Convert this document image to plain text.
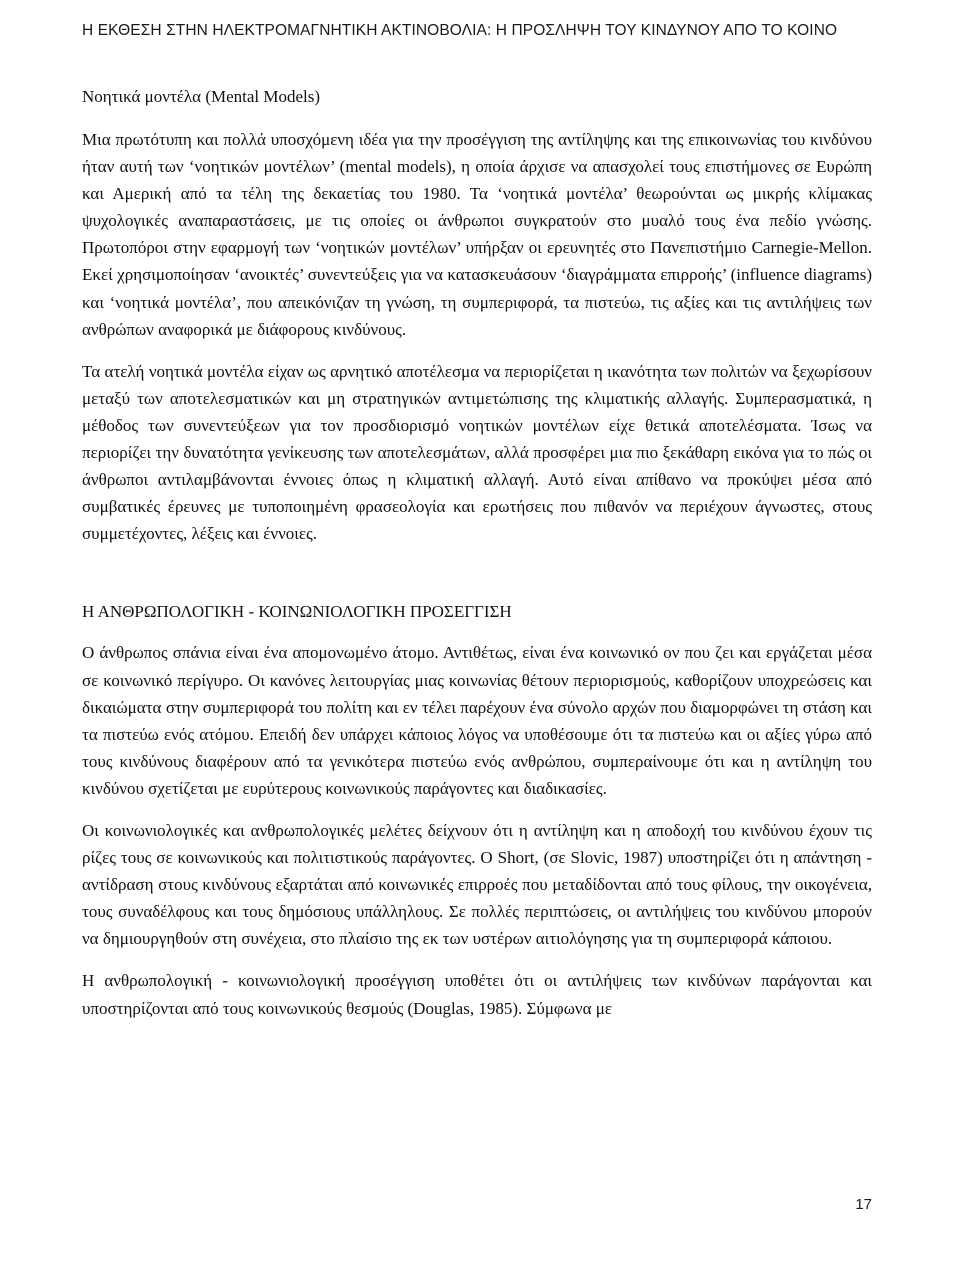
Η ΕΚΘΕΣΗ ΣΤΗΝ ΗΛΕΚΤΡΟΜΑΓΝΗΤΙΚΗ ΑΚΤΙΝΟΒΟΛΙΑ: Η ΠΡΟΣΛΗΨΗ ΤΟΥ ΚΙΝΔΥΝΟΥ ΑΠΟ ΤΟ ΚΟΙΝΟ
Νοητικά μοντέλα (Mental Models)

Μια πρωτότυπη και πολλά υποσχόμενη ιδέα για την προσέγγιση της αντίληψης και της επικοινωνίας του κινδύνου ήταν αυτή των ‘νοητικών μοντέλων’ (mental models), η οποία άρχισε να απασχολεί τους επιστήμονες σε Ευρώπη και Αμερική από τα τέλη της δεκαετίας του 1980. Τα ‘νοητικά μοντέλα’ θεωρούνται ως μικρής κλίμακας ψυχολογικές αναπαραστάσεις, με τις οποίες οι άνθρωποι συγκρατούν στο μυαλό τους ένα πεδίο γνώσης. Πρωτοπόροι στην εφαρμογή των ‘νοητικών μοντέλων’ υπήρξαν οι ερευνητές στο Πανεπιστήμιο Carnegie-Mellon. Εκεί χρησιμοποίησαν ‘ανοικτές’ συνεντεύξεις για να κατασκευάσουν ‘διαγράμματα επιρροής’ (influence diagrams) και ‘νοητικά μοντέλα’, που απεικόνιζαν τη γνώση, τη συμπεριφορά, τα πιστεύω, τις αξίες και τις αντιλήψεις των ανθρώπων αναφορικά με διάφορους κινδύνους.

Τα ατελή νοητικά μοντέλα είχαν ως αρνητικό αποτέλεσμα να περιορίζεται η ικανότητα των πολιτών να ξεχωρίσουν μεταξύ των αποτελεσματικών και μη στρατηγικών αντιμετώπισης της κλιματικής αλλαγής. Συμπερασματικά, η μέθοδος των συνεντεύξεων για τον προσδιορισμό νοητικών μοντέλων είχε θετικά αποτελέσματα. Ίσως να περιορίζει την δυνατότητα γενίκευσης των αποτελεσμάτων, αλλά προσφέρει μια πιο ξεκάθαρη εικόνα για το πώς οι άνθρωποι αντιλαμβάνονται έννοιες όπως η κλιματική αλλαγή. Αυτό είναι απίθανο να προκύψει μέσα από συμβατικές έρευνες με τυποποιημένη φρασεολογία και ερωτήσεις που πιθανόν να περιέχουν άγνωστες, στους συμμετέχοντες, λέξεις και έννοιες.

Η ΑΝΘΡΩΠΟΛΟΓΙΚΗ - ΚΟΙΝΩΝΙΟΛΟΓΙΚΗ ΠΡΟΣΕΓΓΙΣΗ

Ο άνθρωπος σπάνια είναι ένα απομονωμένο άτομο. Αντιθέτως, είναι ένα κοινωνικό ον που ζει και εργάζεται μέσα σε κοινωνικό περίγυρο. Οι κανόνες λειτουργίας μιας κοινωνίας θέτουν περιορισμούς, καθορίζουν υποχρεώσεις και δικαιώματα στην συμπεριφορά του πολίτη και εν τέλει παρέχουν ένα σύνολο αρχών που διαμορφώνει τη στάση και τα πιστεύω ενός ατόμου. Επειδή δεν υπάρχει κάποιος λόγος να υποθέσουμε ότι τα πιστεύω και οι αξίες γύρω από τους κινδύνους διαφέρουν από τα γενικότερα πιστεύω ενός ανθρώπου, συμπεραίνουμε ότι και η αντίληψη του κινδύνου σχετίζεται με ευρύτερους κοινωνικούς παράγοντες και διαδικασίες.

Οι κοινωνιολογικές και ανθρωπολογικές μελέτες δείχνουν ότι η αντίληψη και η αποδοχή του κινδύνου έχουν τις ρίζες τους σε κοινωνικούς και πολιτιστικούς παράγοντες. O Short, (σε Slovic, 1987) υποστηρίζει ότι η απάντηση - αντίδραση στους κινδύνους εξαρτάται από κοινωνικές επιρροές που μεταδίδονται από τους φίλους, την οικογένεια, τους συναδέλφους και τους δημόσιους υπάλληλους. Σε πολλές περιπτώσεις, οι αντιλήψεις του κινδύνου μπορούν να δημιουργηθούν στη συνέχεια, στο πλαίσιο της εκ των υστέρων αιτιολόγησης για τη συμπεριφορά κάποιου.

Η ανθρωπολογική - κοινωνιολογική προσέγγιση υποθέτει ότι οι αντιλήψεις των κινδύνων παράγονται και υποστηρίζονται από τους κοινωνικούς θεσμούς (Douglas, 1985). Σύμφωνα με

17
